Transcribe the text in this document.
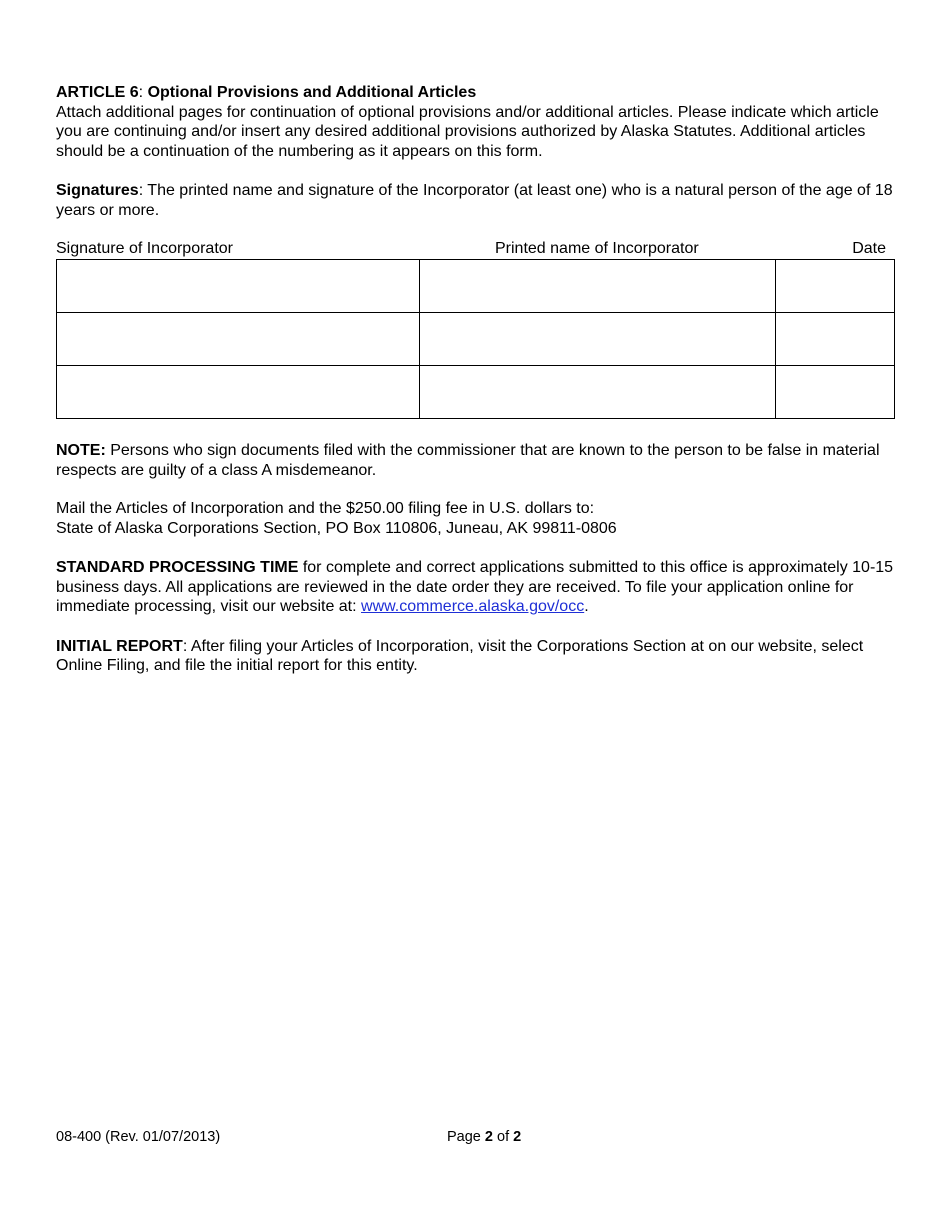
ARTICLE 6: Optional Provisions and Additional Articles
Attach additional pages for continuation of optional provisions and/or additional articles. Please indicate which article you are continuing and/or insert any desired additional provisions authorized by Alaska Statutes. Additional articles should be a continuation of the numbering as it appears on this form.

Signatures: The printed name and signature of the Incorporator (at least one) who is a natural person of the age of 18 years or more.

Signature of Incorporator	Printed name of Incorporator	Date

NOTE: Persons who sign documents filed with the commissioner that are known to the person to be false in material respects are guilty of a class A misdemeanor.

Mail the Articles of Incorporation and the $250.00 filing fee in U.S. dollars to:
State of Alaska Corporations Section, PO Box 110806, Juneau, AK 99811-0806

STANDARD PROCESSING TIME for complete and correct applications submitted to this office is approximately 10-15 business days. All applications are reviewed in the date order they are received. To file your application online for immediate processing, visit our website at: www.commerce.alaska.gov/occ.

INITIAL REPORT: After filing your Articles of Incorporation, visit the Corporations Section at on our website, select Online Filing, and file the initial report for this entity.

08-400 (Rev. 01/07/2013)	Page 2 of 2
